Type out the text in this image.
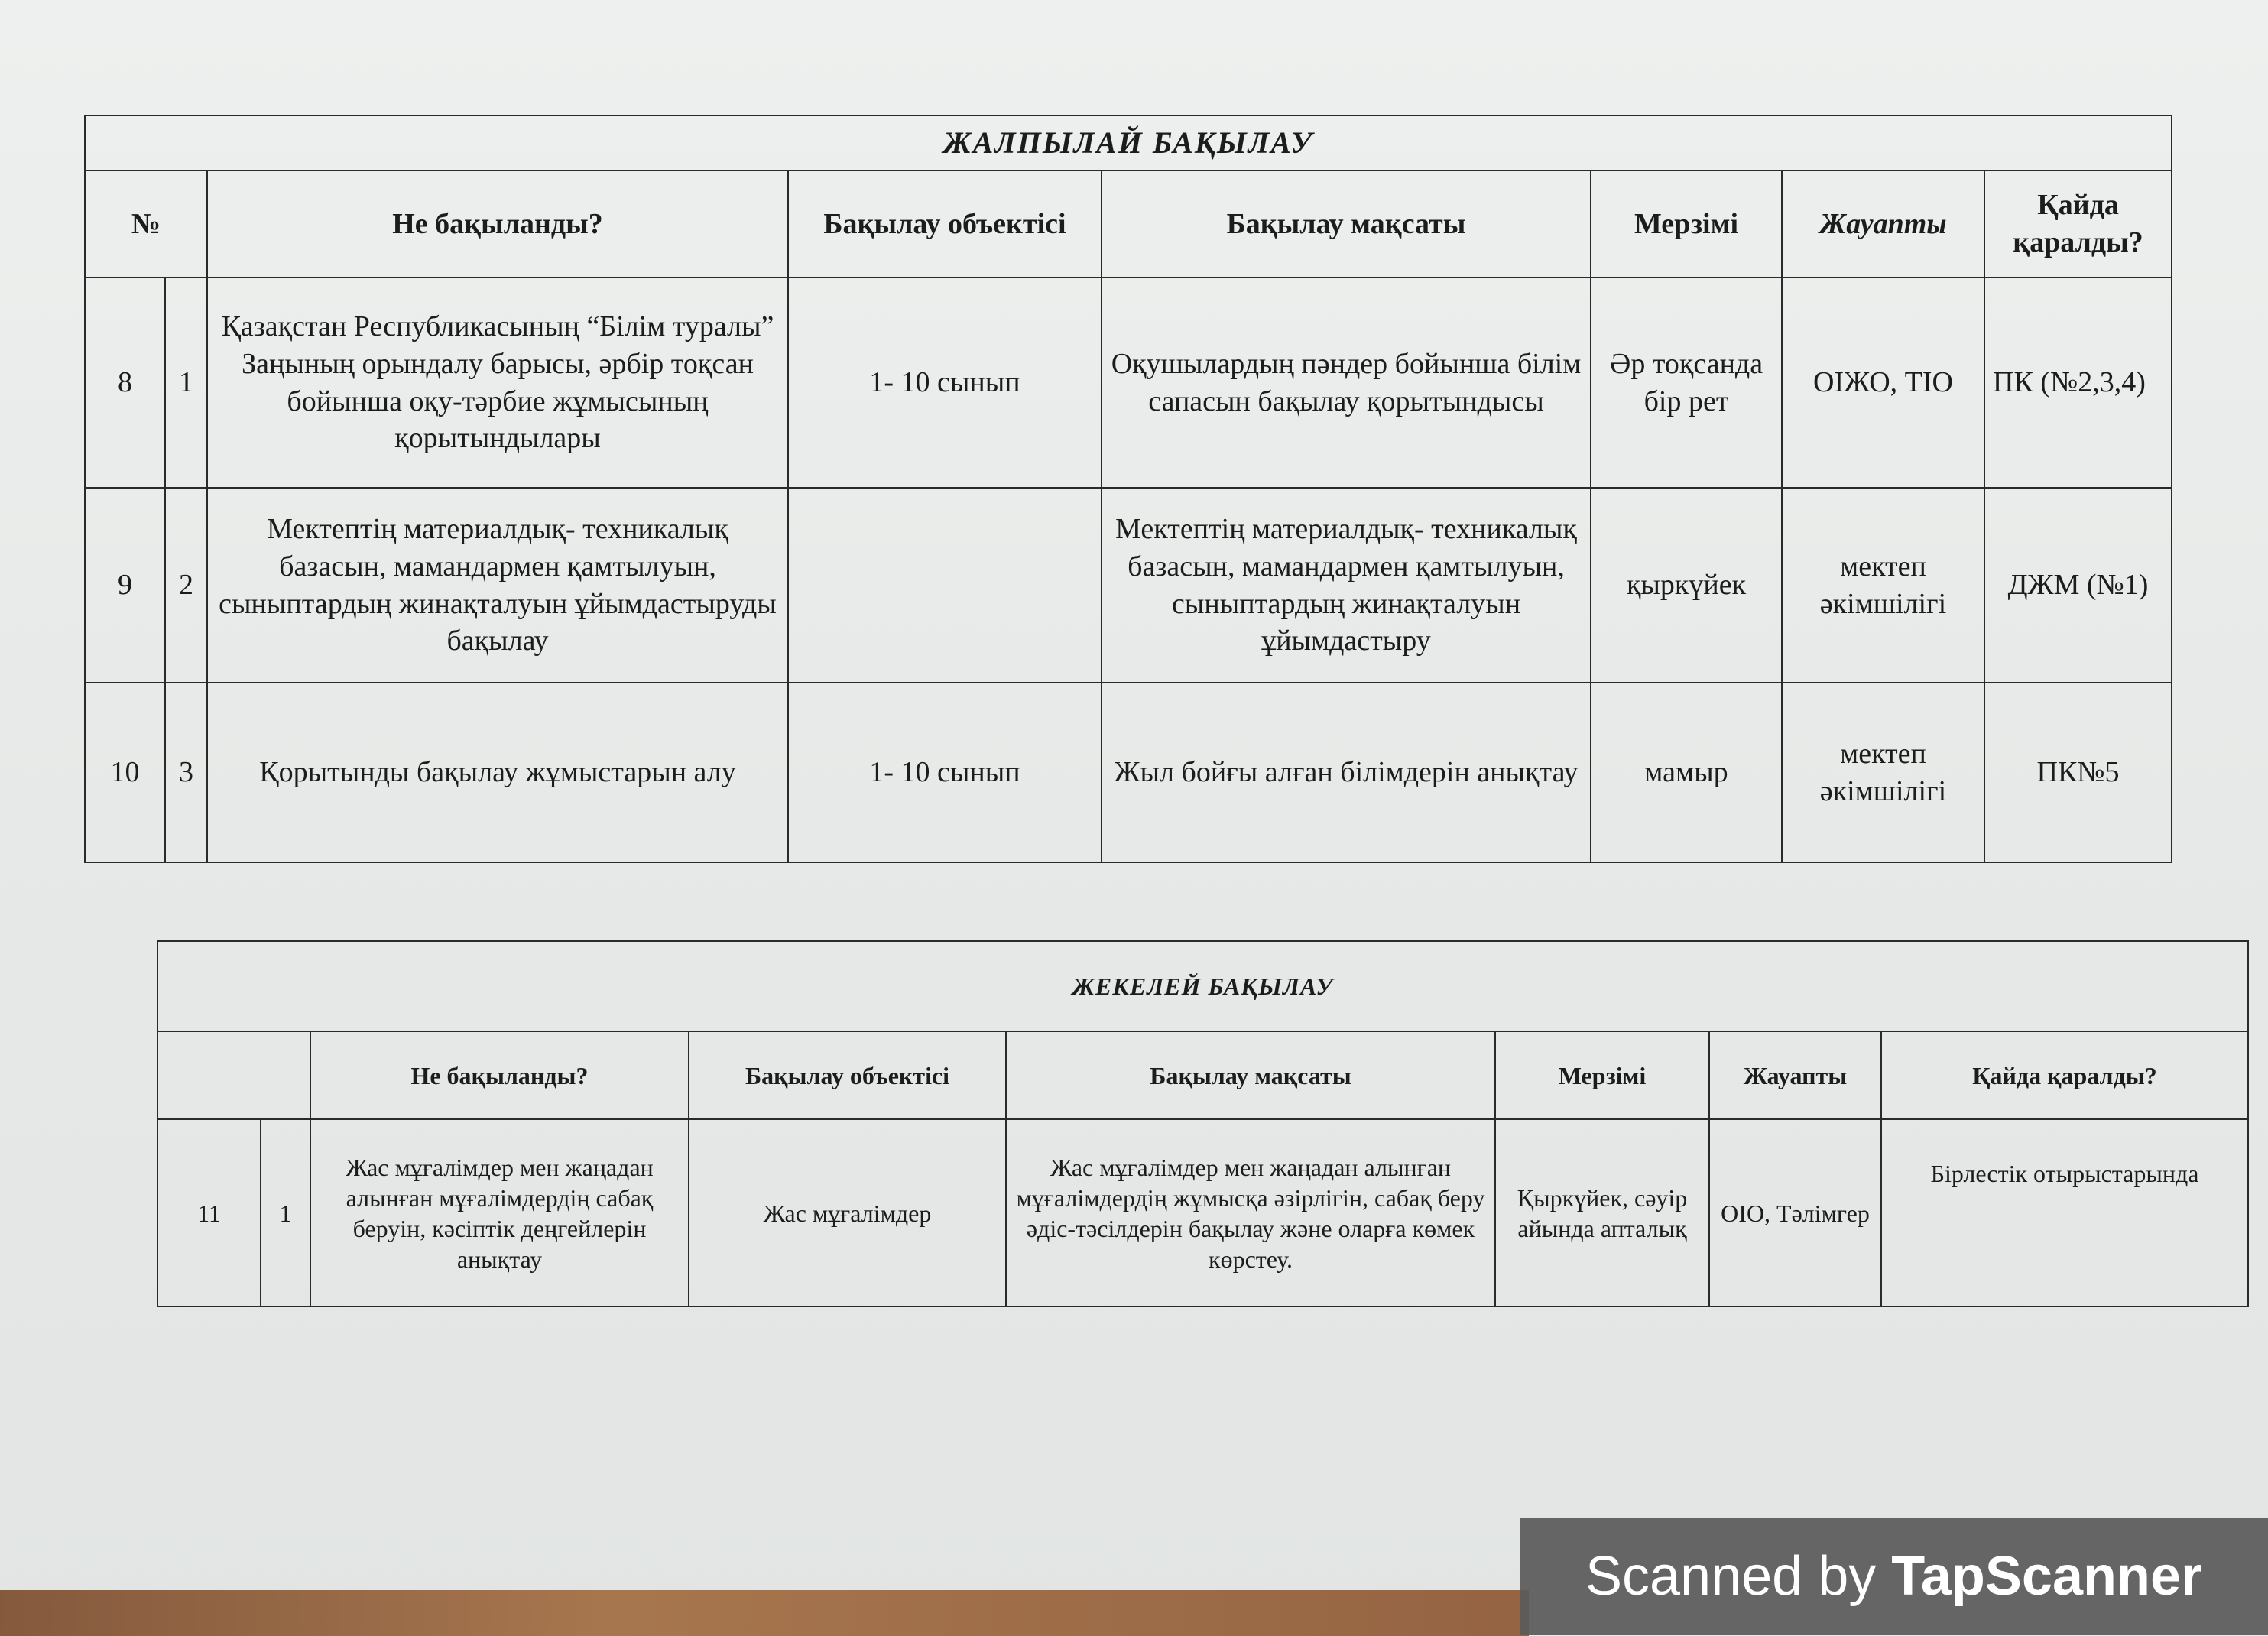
ЖАЛПЫЛАЙ БАҚЫЛАУ							
№		Не бақыланды?	Бақылау объектісі	Бақылау мақсаты	Мерзімі	Жауапты	Қайда қаралды?
8	1	Қазақстан Республикасының “Білім туралы” Заңының орындалу барысы, әрбір тоқсан бойынша оқу-тәрбие жұмысының қорытындылары	1- 10 сынып	Оқушылардың пәндер бойынша білім сапасын бақылау қорытындысы	Әр тоқсанда бір рет	ОІЖО, ТІО	ПК (№2,3,4)
9	2	Мектептің материалдық- техникалық базасын, мамандармен қамтылуын, сыныптардың жинақталуын ұйымдастыруды бақылау		Мектептің материалдық- техникалық базасын, мамандармен қамтылуын, сыныптардың жинақталуын ұйымдастыру	қыркүйек	мектеп әкімшілігі	ДЖМ (№1)
10	3	Қорытынды бақылау жұмыстарын алу	1- 10 сынып	Жыл бойғы алған білімдерін анықтау	мамыр	мектеп әкімшілігі	ПК№5
ЖЕКЕЛЕЙ БАҚЫЛАУ							
		Не бақыланды?	Бақылау объектісі	Бақылау мақсаты	Мерзімі	Жауапты	Қайда қаралды?
11	1	Жас мұғалімдер мен жаңадан алынған мұғалімдердің сабақ беруін, кәсіптік деңгейлерін анықтау	Жас мұғалімдер	Жас мұғалімдер мен жаңадан алынған мұғалімдердің жұмысқа әзірлігін, сабақ беру әдіс-тәсілдерін бақылау және оларға көмек көрстеу.	Қыркүйек, сәуір айында апталық	ОІО, Тәлімгер	Бірлестік отырыстарында
Scanned by TapScanner
